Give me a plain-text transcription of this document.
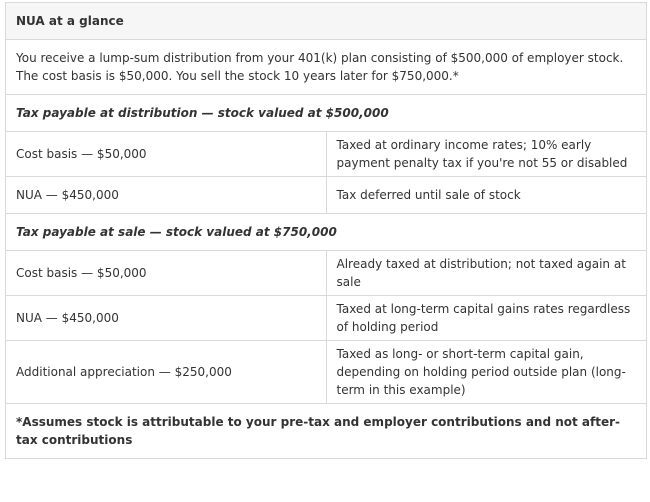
NUA at a glance	
You receive a lump-sum distribution from your 401(k) plan consisting of $500,000 of employer stock. The cost basis is $50,000. You sell the stock 10 years later for $750,000.*	
Tax payable at distribution — stock valued at $500,000	
Cost basis — $50,000	Taxed at ordinary income rates; 10% early payment penalty tax if you're not 55 or disabled
NUA — $450,000	Tax deferred until sale of stock
Tax payable at sale — stock valued at $750,000	
Cost basis — $50,000	Already taxed at distribution; not taxed again at sale
NUA — $450,000	Taxed at long-term capital gains rates regardless of holding period
Additional appreciation — $250,000	Taxed as long- or short-term capital gain, depending on holding period outside plan (long-term in this example)
*Assumes stock is attributable to your pre-tax and employer contributions and not after-tax contributions	
